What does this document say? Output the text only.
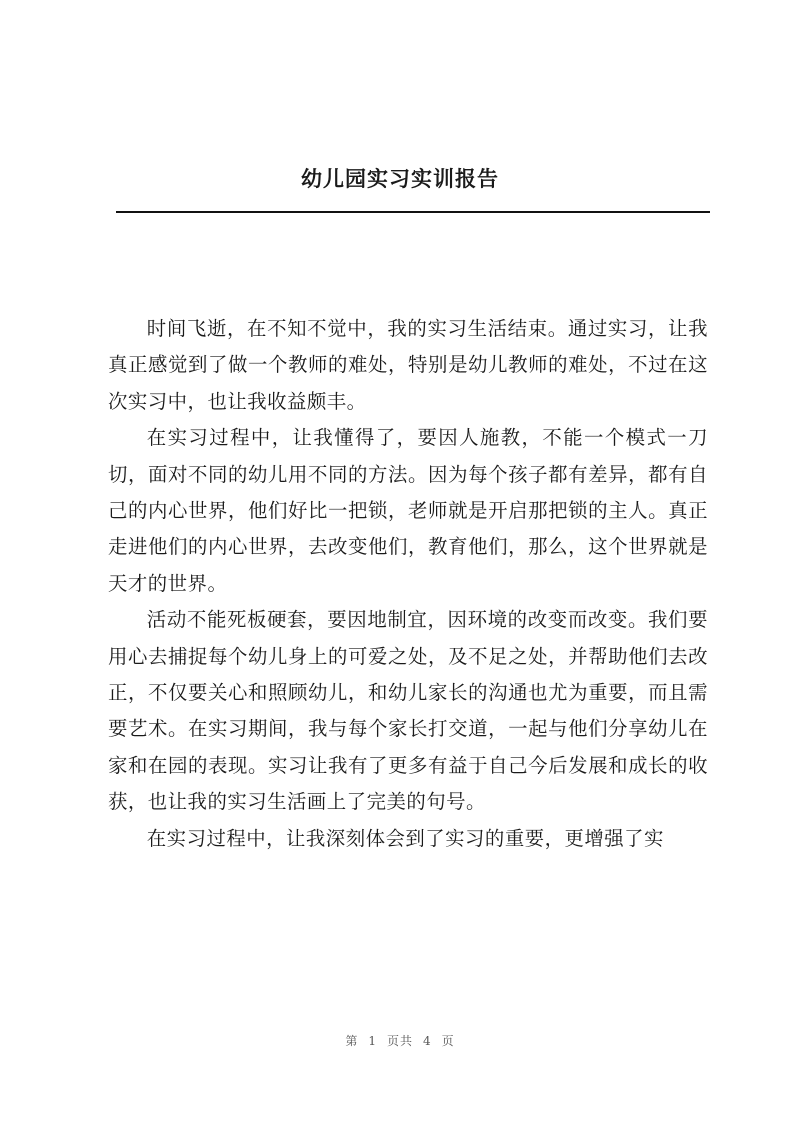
幼儿园实习实训报告

时间飞逝，在不知不觉中，我的实习生活结束。通过实习，让我真正感觉到了做一个教师的难处，特别是幼儿教师的难处，不过在这次实习中，也让我收益颇丰。

在实习过程中，让我懂得了，要因人施教，不能一个模式一刀切，面对不同的幼儿用不同的方法。因为每个孩子都有差异，都有自己的内心世界，他们好比一把锁，老师就是开启那把锁的主人。真正走进他们的内心世界，去改变他们，教育他们，那么，这个世界就是天才的世界。

活动不能死板硬套，要因地制宜，因环境的改变而改变。我们要用心去捕捉每个幼儿身上的可爱之处，及不足之处，并帮助他们去改正，不仅要关心和照顾幼儿，和幼儿家长的沟通也尤为重要，而且需要艺术。在实习期间，我与每个家长打交道，一起与他们分享幼儿在家和在园的表现。实习让我有了更多有益于自己今后发展和成长的收获，也让我的实习生活画上了完美的句号。

在实习过程中，让我深刻体会到了实习的重要，更增强了实

第 1 页共 4 页
